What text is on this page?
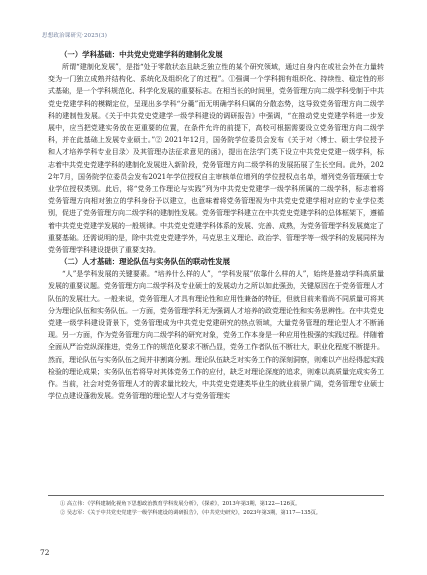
思想政治课研究·2025(3)
（一）学科基础：中共党史党建学科的建制化发展

所谓“建制化发展”，是指“处于零散状态且缺乏独立性的某个研究领域，通过自身内在或社会外在力量转变为一门独立成熟并结构化、系统化及组织化了的过程”。①强调一个学科拥有组织化、持续性、稳定性的形式基础，是一个学科规范化、科学化发展的重要标志。在相当长的时间里，党务管理方向二级学科受制于中共党史党建学科的模糊定位，呈现出多学科“分羹”而无明确学科归属的分散态势，这导致党务管理方向二级学科的建制性发展。《关于中共党史党建学一级学科建设的调研报告》中强调，“在推动党史党建学科进一步发展中，应当把党建实务放在更重要的位置，在条件允许的前提下，高校可根据需要设立党务管理方向二级学科，并在此基础上发展专业硕士。”② 2021年12月，国务院学位委员会发布《关于对〈博士、硕士学位授予和人才培养学科专业目录〉及其管理办法征求意见的函》，提出在法学门类下设立中共党史党建一级学科，标志着中共党史党建学科的建制化发展进入新阶段，党务管理方向二级学科的发展拓展了生长空间。此外，2022年7月，国务院学位委员会发布2021年学位授权自主审核单位增列的学位授权点名单，增列党务管理硕士专业学位授权类别。此后，将“党务工作理论与实践”列为中共党史党建学一级学科所属的二级学科，标志着将党务管理方向相对独立的学科身份予以建立，也意味着将党务管理视为中共党史党建学相对应的专业学位类别，促进了党务管理方向二级学科的建制性发展。党务管理学科建立在中共党史党建学科的总体框架下，遵循着中共党史党建学发展的一般规律。中共党史党建学科体系的发展、完善、成熟，为党务管理学科发展奠定了重要基础。还需说明的是，除中共党史党建学外，马克思主义理论、政治学、管理学等一级学科的发展同样为党务管理学科建设提供了重要支持。

（二）人才基础：理论队伍与实务队伍的联动性发展

“人”是学科发展的关键要素。“培养什么样的人”，“学科发展”依靠什么样的人”，始终是推动学科高质量发展的重要议题。党务管理方向二级学科及专业硕士的发展动力之所以如此强劲，关键原因在于党务管理人才队伍的发展壮大。一般来说，党务管理人才具有理论性和应用性兼备的特征，但就目前来看尚不同质量可将其分为理论队伍和实务队伍。一方面，党务管理学科无为强调人才培养的政党理论性和实务思辨性。在中共党史党建一级学科建设背景下，党务管理成为中共党史党建研究的热点领域，大量党务管理的理论型人才不断涌现。另一方面，作为党务管理方向二级学科的研究对象，党务工作本身是一种应用性极强的实践过程。伴随着全面从严治党纵深推进，党务工作的规范化要求不断凸显，党务工作者队伍不断壮大，职业化程度不断提升。然而，理论队伍与实务队伍之间并非割离分割。理论队伍缺乏对实务工作的深刻洞察，则难以产出经得起实践检验的理论成果；实务队伍若将导对其体党务工作的应付，缺乏对理论深度的追求，则难以高质量完成实务工作。当前，社会对党务管理人才的需求量比较大，中共党史党建类毕业生的就业前景广阔，党务管理专业硕士学位点建设蓬勃发展。党务管理的理论型人才与党务管理实

① 高立伟：《学科建制化视角下思想政治教育学科发展分析》，《探索》，2013年第3期，第122—126页。
② 吴志军：《关于中共党史党建学一级学科建设的调研报告》，《中共党史研究》，2023年第3期，第117—135页。
72
